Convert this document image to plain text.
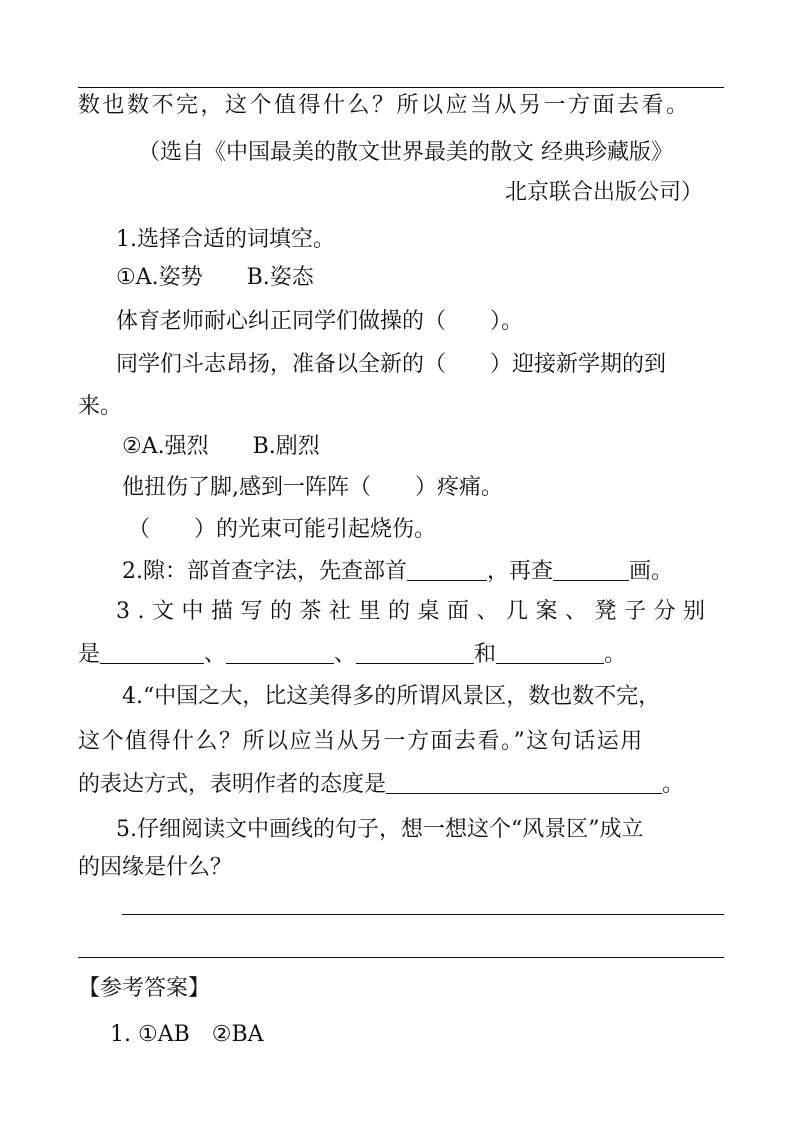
数也数不完，这个值得什么？所以应当从另一方面去看。
（选自《中国最美的散文世界最美的散文 经典珍藏版》
北京联合出版公司）
1.选择合适的词填空。
①A.姿势　　B.姿态
体育老师耐心纠正同学们做操的（　　）。
同学们斗志昂扬，准备以全新的（　　）迎接新学期的到
来。
②A.强烈　　B.剧烈
他扭伤了脚,感到一阵阵（　　）疼痛。
（　　）的光束可能引起烧伤。
2.隙：部首查字法，先查部首	，再查	画。
3.文中描写的茶社里的桌面、几案、凳子分别
是	、	、	和	。
4.“中国之大，比这美得多的所谓风景区，数也数不完，
这个值得什么？所以应当从另一方面去看。”这句话运用
的表达方式，表明作者的态度是	。
5.仔细阅读文中画线的句子，想一想这个“风景区”成立
的因缘是什么？
【参考答案】
1. ①AB　②BA
